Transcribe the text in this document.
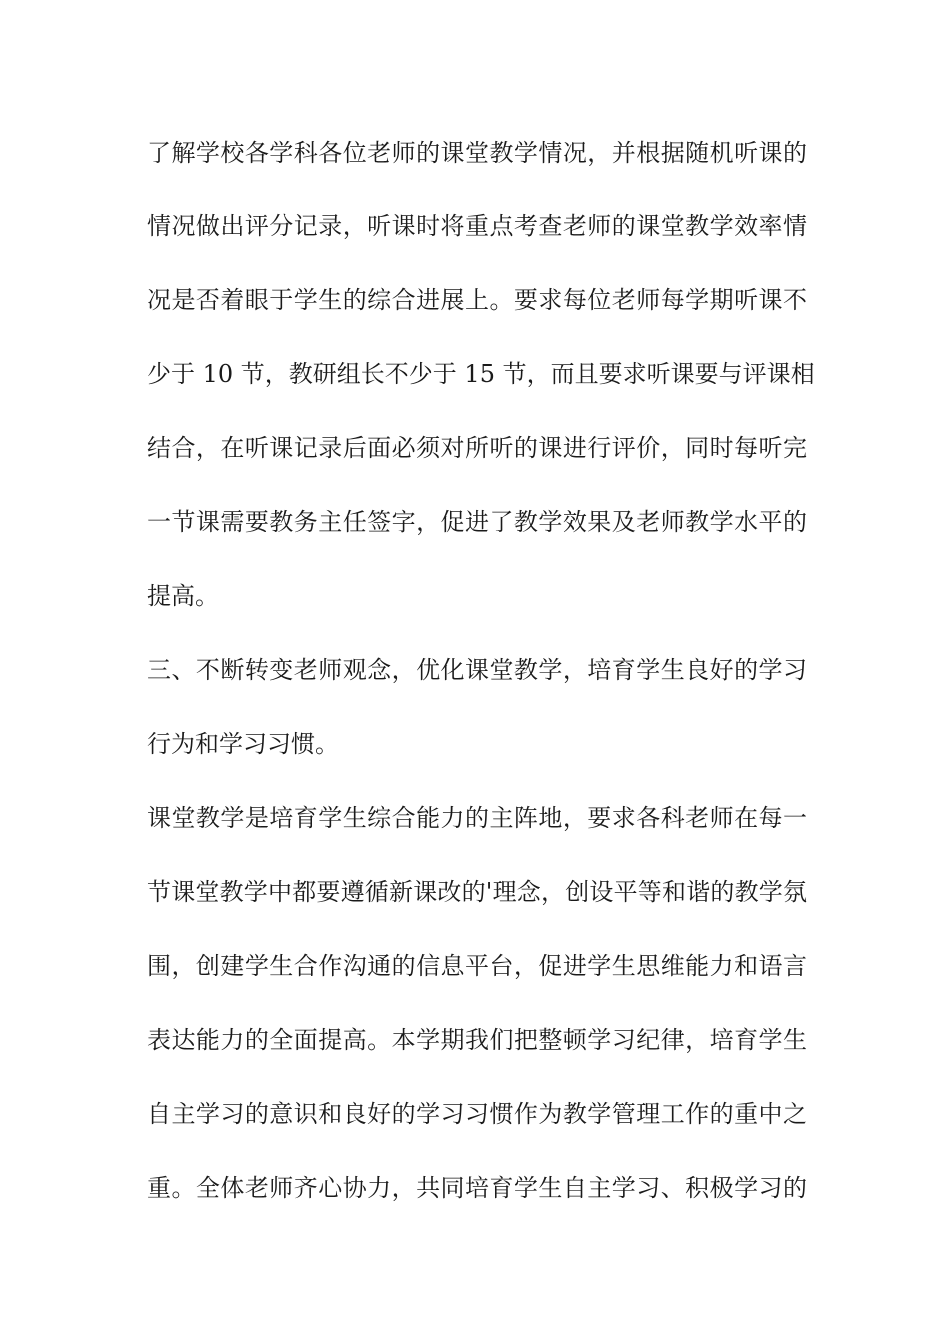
了解学校各学科各位老师的课堂教学情况，并根据随机听课的
情况做出评分记录，听课时将重点考查老师的课堂教学效率情
况是否着眼于学生的综合进展上。要求每位老师每学期听课不
少于 10 节，教研组长不少于 15 节，而且要求听课要与评课相
结合，在听课记录后面必须对所听的课进行评价，同时每听完
一节课需要教务主任签字，促进了教学效果及老师教学水平的
提高。
三、不断转变老师观念，优化课堂教学，培育学生良好的学习
行为和学习习惯。
课堂教学是培育学生综合能力的主阵地，要求各科老师在每一
节课堂教学中都要遵循新课改的'理念，创设平等和谐的教学氛
围，创建学生合作沟通的信息平台，促进学生思维能力和语言
表达能力的全面提高。本学期我们把整顿学习纪律，培育学生
自主学习的意识和良好的学习习惯作为教学管理工作的重中之
重。全体老师齐心协力，共同培育学生自主学习、积极学习的
